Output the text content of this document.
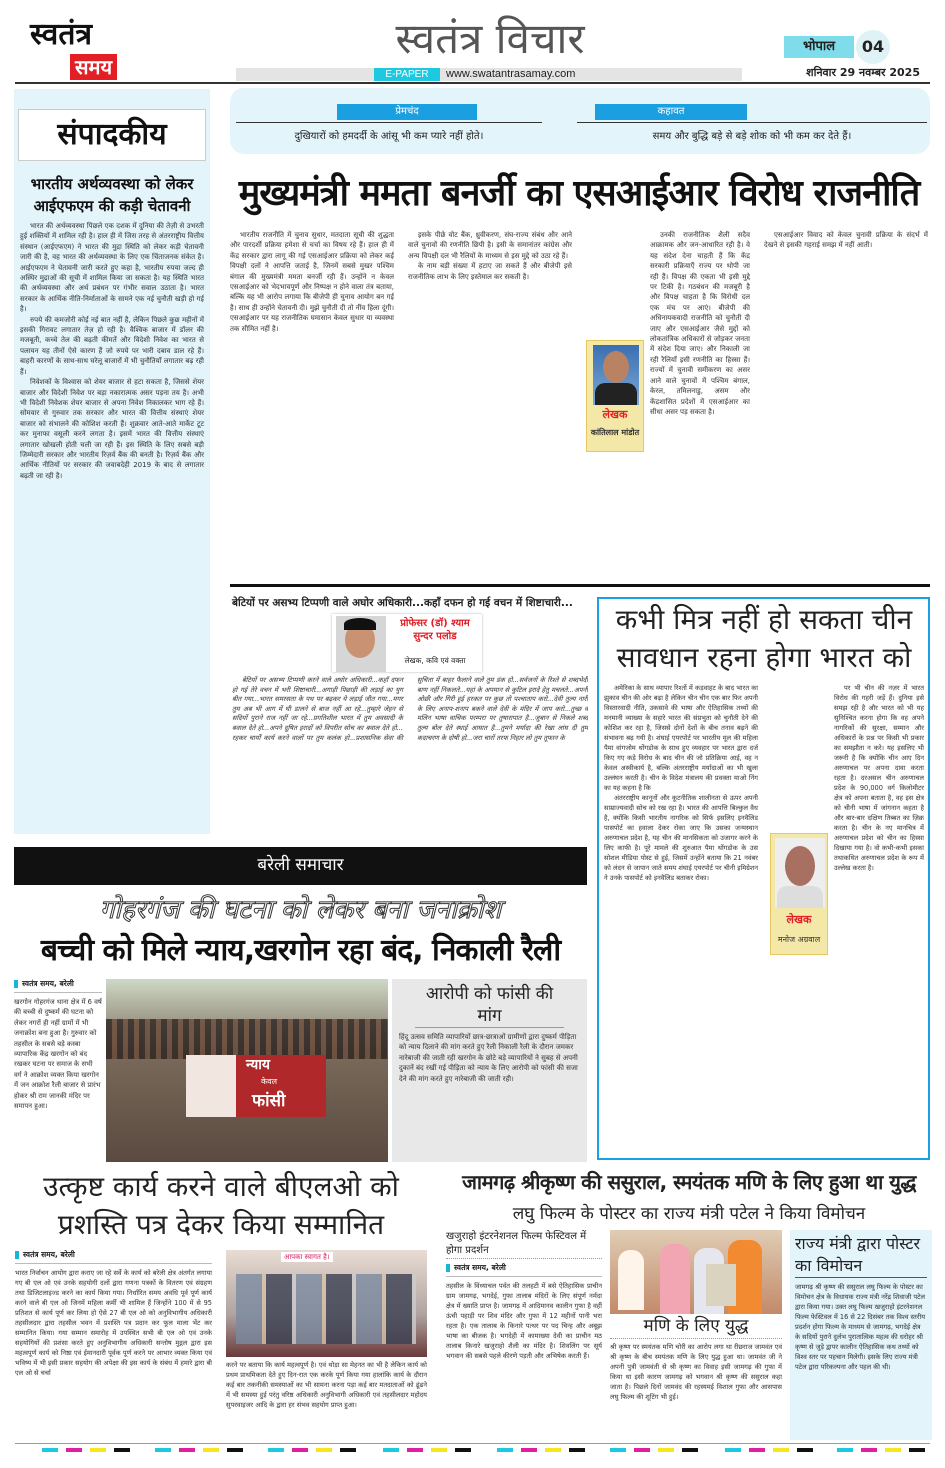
स्वतंत्र
समय
स्वतंत्र विचार
E-PAPER	www.swatantrasamay.com
भोपाल	04
शनिवार 29 नवम्बर 2025
संपादकीय
भारतीय अर्थव्यवस्था को लेकर आईएफएम की कड़ी चेतावनी

भारत की अर्थव्यवस्था पिछले एक दशक में दुनिया की तेज़ी से उभरती हुई शक्तियों में शामिल रही है। हाल ही में जिस तरह से अंतरराष्ट्रीय वित्तीय संस्थान (आईएफएम) ने भारत की मुद्रा स्थिति को लेकर कड़ी चेतावनी जारी की है, वह भारत की अर्थव्यवस्था के लिए एक चिंताजनक संकेत है। आईएफएम ने चेतावनी जारी करते हुए कहा है, भारतीय रुपया जल्द ही अस्थिर मुद्राओं की सूची में शामिल किया जा सकता है। यह स्थिति भारत की अर्थव्यवस्था और अर्थ प्रबंधन पर गंभीर सवाल उठाता है। भारत सरकार के आर्थिक नीति-निर्माताओं के सामने एक नई चुनौती खड़ी हो गई है।

रुपये की कमजोरी कोई नई बात नहीं है, लेकिन पिछले कुछ महीनों में इसकी गिरावट लगातार तेज़ हो रही है। वैश्विक बाजार में डॉलर की मजबूती, कच्चे तेल की बढ़ती कीमतें और विदेशी निवेश का भारत से पलायन यह तीनों ऐसे कारण हैं जो रुपये पर भारी दबाव डाल रहे हैं। बाहरी कारणों के साथ-साथ घरेलू बाजारों में भी चुनौतियाँ लगातार बढ़ रही हैं।

निवेशकों के विश्वास को शेयर बाजार से हटा सकता है, जिससे शेयर बाजार और विदेशी निवेश पर बड़ा नकारात्मक असर पड़ना तय है। अभी भी विदेशी निवेशक शेयर बाजार से अपना निवेश निकालकर भाग रहे हैं। सोमवार से गुरुवार तक सरकार और भारत की वित्तीय संस्थाएं शेयर बाजार को संभालने की कोशिश करती हैं। शुक्रवार आते-आते मार्केट टूट कर मुनाफा वसूली करने लगता है। इसमें भारत की वित्तीय संस्थाएं लगातार खोखली होती चली जा रही हैं। इस स्थिति के लिए सबसे बड़ी जिम्मेदारी सरकार और भारतीय रिज़र्व बैंक की बनती है। रिज़र्व बैंक और आर्थिक नीतियों पर सरकार की जवाबदेही 2019 के बाद से लगातार बढ़ती जा रही है।

प्रेमचंद
दुखियारों को हमदर्दी के आंसू भी कम प्यारे नहीं होते।
कहावत
समय और बुद्धि बड़े से बड़े शोक को भी कम कर देते हैं।
मुख्यमंत्री ममता बनर्जी का एसआईआर विरोध राजनीति

भारतीय राजनीति में चुनाव सुधार, मतदाता सूची की शुद्धता और पारदर्शी प्रक्रिया हमेशा से चर्चा का विषय रहे हैं। हाल ही में केंद्र सरकार द्वारा लागू की गई एसआईआर प्रक्रिया को लेकर कई विपक्षी दलों ने आपत्ति जताई है, जिनमें सबसे मुखर पश्चिम बंगाल की मुख्यमंत्री ममता बनर्जी रही हैं। उन्होंने न केवल एसआईआर को भेदभावपूर्ण और निष्पक्ष न होने वाला तंत्र बताया, बल्कि यह भी आरोप लगाया कि बीजेपी ही चुनाव आयोग बन गई है। साथ ही उन्होंने चेतावनी दी। मुझे चुनौती दी तो नींव हिला दूंगी। एसआईआर पर यह राजनीतिक घमासान केवल सुधार या व्यवस्था तक सीमित नहीं है।

इसके पीछे वोट बैंक, ध्रुवीकरण, संघ-राज्य संबंध और आने वाले चुनावों की रणनीति छिपी है। इसी के समानांतर कांग्रेस और अन्य विपक्षी दल भी रैलियों के माध्यम से इस मुद्दे को उठा रहे हैं।

के नाम बड़ी संख्या में हटाए जा सकते हैं और बीजेपी इसे राजनीतिक लाभ के लिए इस्तेमाल कर सकती है।

लेखक
कांतिलाल मांडोत

उनकी राजनीतिक शैली सदैव आक्रामक और जन-आधारित रही है। वे यह संदेश देना चाहती हैं कि केंद्र सरकारी प्रक्रियाएँ राज्य पर थोपी जा रही हैं। विपक्ष की एकता भी इसी मुद्दे पर टिकी है। गठबंधन की मजबूरी है और विपक्ष चाहता है कि विरोधी दल एक मंच पर आएं। बीजेपी की अधिनायकवादी राजनीति को चुनौती दी जाए और एसआईआर जैसे मुद्दों को लोकतांत्रिक अधिकारों से जोड़कर जनता में संदेश दिया जाए। और निकाली जा रही रैलियाँ इसी रणनीति का हिस्सा हैं। राज्यों में चुनावी समीकरण का असर आने वाले चुनावों में पश्चिम बंगाल, केरल, तमिलनाडु, असम और केंद्रशासित प्रदेशों में एसआईआर का सीधा असर पड़ सकता है।

एसआईआर विवाद को केवल चुनावी प्रक्रिया के संदर्भ में देखने से इसकी गहराई समझ में नहीं आती।

बेटियों पर असभ्य टिप्पणी वाले अघोर अधिकारी...कहाँ दफन हो गई वचन में शिष्टाचारी...
प्रोफेसर (डॉ) श्याम सुन्दर पलोड
लेखक, कवि एवं वक्ता

बेटियों पर असभ्य टिप्पणी करने वाले अघोर अधिकारी...कहाँ दफन हो गई तेरे वचन में भरी शिष्टाचारी...अगाड़ी पिछाड़ी की लड़ाई का युग बीत गया...भारत समरसता के पथ पर बढ़कर ये लड़ाई जीत गया...मगर तुम अब भी आग में घी डालने से बाज नहीं आ रहे...तुम्हारे जेहन से सदियों पुराने राज नहीं जा रहे...प्रगतिशील भारत में तुम अवसादी के बवाल देते हो...अपने दूषित इरादों को विपरीत सोच का बवाल देते हो... रहकर चार्यों कार्य करने वालों पर तुम कलंक हो...प्रशासनिक सेवा की सुचिता में बाहर फैलाने वाले तुम डंक हो...सर्वजनों के रिश्ते से शब्दभेदी बाण नहीं निकलते...यहां के अपमान से कुटिल इरादे हेतु मचलते...अपनी ओछी और गिरी हुई हरकत पर कुछ तो पश्चाताप करो...देवी तुल्य नारी के लिए अनाप-शनाप बकने वाले देवी के मंदिर में जाप करो...तुच्छ व मलिन भाषा वाचिक परम्परा पर तुषारापात है...जुबान से निकले शब्द तुल्य बोल देते स्थाई आघात है...तुमने मर्यादा की रेखा लांघ दी तुम कदाचरण के दोषी हो...जरा चारों तरफ निहार लो तुम तूफान के

कभी मित्र नहीं हो सकता चीन सावधान रहना होगा भारत को

अमेरिका के साथ व्यापार रिश्तों में कड़वाहट के बाद भारत का झुकाव चीन की ओर बढ़ा है लेकिन चीन चीन एक बार फिर अपनी विस्तारवादी नीति, उकसावे की भाषा और ऐतिहासिक तथ्यों की मनमानी व्याख्या के सहारे भारत की संप्रभुता को चुनौती देने की कोशिश कर रहा है, जिससे दोनों देशों के बीच तनाव बढ़ने की संभावना बढ़ गयी है। शंघाई एयरपोर्ट पर भारतीय मूल की महिला पैमा वांगजोम थोंगडोक के साथ हुए व्यवहार पर भारत द्वारा दर्ज किए गए कड़े विरोध के बाद चीन की जो प्रतिक्रिया आई, वह न केवल अस्वीकार्य है, बल्कि अंतरराष्ट्रीय मर्यादाओं का भी खुला उल्लंघन करती है। चीन के विदेश मंत्रालय की प्रवक्ता माओ निंग का यह कहना है कि

अंतरराष्ट्रीय कानूनों और कूटनीतिक शालीनता से ऊपर अपनी साम्राज्यवादी सोच को रख रहा है। भारत की आपत्ति बिल्कुल वैध है, क्योंकि किसी भारतीय नागरिक को सिर्फ इसलिए इनवैलिड पासपोर्ट का हवाला देकर रोका जाए कि उसका जन्मस्थान अरुणाचल प्रदेश है, यह चीन की मानसिकता को उजागर करने के लिए काफी है। पूरे मामले की शुरुआत पैमा थोंगडोक के उस सोशल मीडिया पोस्ट से हुई, जिसमें उन्होंने बताया कि 21 नवंबर को लंदन से जापान जाते समय शंघाई एयरपोर्ट पर चीनी इमिग्रेशन ने उनके पासपोर्ट को इनवैलिड बताकर रोका।

लेखक
मनोज अग्रवाल

पर भी चीन की नज़र में भारत विरोध की गहरी जड़ें हैं। दुनिया इसे समझ रही है और भारत को भी यह सुनिश्चित करना होगा कि वह अपने नागरिकों की सुरक्षा, सम्मान और अधिकारों के प्रश्न पर किसी भी प्रकार का समझौता न करे। यह इसलिए भी जरूरी है कि क्योंकि चीन आए दिन अरुणाचल पर अपना दावा करता रहता है। दरअसल चीन अरुणाचल प्रदेश के 90,000 वर्ग किलोमीटर क्षेत्र को अपना बताता है, वह इस क्षेत्र को चीनी भाषा में जांगनान कहता है और बार-बार दक्षिण तिब्बत का ज़िक्र करता है। चीन के नए मानचित्र में अरुणाचल प्रदेश को चीन का हिस्सा दिखाया गया है। वो कभी-कभी इसका तथाकथित अरुणाचल प्रदेश के रूप में उल्लेख करता है।

बरेली समाचार
गोहरगंज की घटना को लेकर बना जनाक्रोश
बच्ची को मिले न्याय,खरगोन रहा बंद, निकाली रैली
स्वतंत्र समय, बरेली
खरगोन गोहरगंज थाना क्षेत्र में 6 वर्ष की बच्ची से दुष्कर्म की घटना को लेकर नगरों ही नहीं ग्रामों में भी जनाक्रोश बना हुआ है। गुरुवार को तहसील के सबसे बड़े कस्बा व्यापारिक केंद्र खरगोन को बंद रखकर घटना पर समाज के सभी वर्ग ने आक्रोश व्यक्त किया खरगोन में जन आक्रोश रैली बाजार से प्रारंभ होकर श्री राम जानकी मंदिर पर समापन हुआ।
न्याय
केवल
फांसी
आरोपी को फांसी की मांग
हिंदू उत्सव समिति व्यापारियों छात्र-छात्राओं ग्रामीणों द्वारा दुष्कर्म पीड़िता को न्याय दिलाने की मांग करते हुए रैली निकाली रैली के दौरान जमकर नारेबाजी की जाती रही खरगोन के छोटे बड़े व्यापारियों ने सुबह से अपनी दुकानें बंद रखीं गई पीड़िता को न्याय के लिए आरोपी को फांसी की सजा देने की मांग करते हुए नारेबाजी की जाती रही।
उत्कृष्ट कार्य करने वाले बीएलओ को प्रशस्ति पत्र देकर किया सम्मानित
स्वतंत्र समय, बरेली
भारत निर्वाचन आयोग द्वारा कराए जा रहे सर्वे के कार्य को बरेली क्षेत्र अंतर्गत लगाया गए बी एल ओ एवं उनके सहयोगी दलों द्वारा गणना पत्रकों के वितरण एवं संग्रहण तथा डिजिटलाइज्ड करने का कार्य किया गया। निर्धारित समय अवधि पूर्व पूर्ण कार्य करने वाले बी एल ओ जिनमें महिला कर्मी भी शामिल हैं जिन्होंने 100 में से 95 प्रतिशत से कार्य पूर्ण कर लिया हो ऐसे 27 बी एल ओ को अनुविभागीय अधिकारी तहसीलदार द्वारा तहसील भवन में प्रशस्ति पत्र प्रदान कर फूल माला भेंट कर सम्मानित किया। गया सम्मान समारोह में उपस्थित सभी बी एल ओ एवं उनके सहयोगियों की प्रशंसा करते हुए अनुविभागीय अधिकारी सन्तोष मुद्गल द्वारा इस महत्वपूर्ण कार्य को निष्ठा एवं ईमानदारी पूर्वक पूर्ण करने पर आभार व्यक्त किया एवं भविष्य में भी इसी प्रकार सहयोग की अपेक्षा की इस कार्य के संबंध में हमारे द्वारा बी एल ओ से चर्चा
आपका स्वागत है।
करने पर बताया कि कार्य महत्वपूर्ण है। एवं थोड़ा सा मेहनत का भी है लेकिन कार्य को प्रथम प्राथमिकता देते हुए दिन-रात एक करके पूर्ण किया गया हालांकि कार्य के दौरान कई बार तकनीकी समस्याओं का भी सामना करना पड़ा कई बार मतदाताओं को ढूंढने में भी समस्या हुई परंतु वरिष्ठ अधिकारी अनुविभागी अधिकारी एवं तहसीलदार महोदय सुपरवाइजर आदि के द्वारा हर संभव सहयोग प्राप्त हुआ।
जामगढ़ श्रीकृष्ण की ससुराल, स्मयंतक मणि के लिए हुआ था युद्ध
लघु फिल्म के पोस्टर का राज्य मंत्री पटेल ने किया विमोचन
खजुराहो इंटरनेशनल फिल्म फेस्टिवल में होगा प्रदर्शन
स्वतंत्र समय, बरेली
तहसील के विंध्याचल पर्वत की तलहटी में बसे ऐतिहासिक प्राचीन ग्राम जामगढ़, भगदेई, गुफा तालाब मंदिरों के लिए संपूर्ण नर्मदा क्षेत्र में ख्याति प्राप्त है। जामगढ़ में आदिमानव कालीन गुफा है वहीं ऊंची पहाड़ी पर शिव मंदिर और गुफा में 12 महीनों पानी भरा रहता है। एक तालाब के किनारे पत्थर पर पद चिन्ह और अबूझ भाषा का बीजक है। भगदेही में कामाख्या देवी का प्राचीन मठ तालाब किनारे खजुराहो शैली का मंदिर है। शिवलिंग पर सूर्य भगवान की सबसे पहले कीरणे पड़ती और अभिषेक करती हैं।
मणि के लिए युद्ध
श्री कृष्ण पर स्मयंतक मणि चोरी का आरोप लगा था रीछराज जामवंत एवं श्री कृष्ण के बीच स्मयंतक मणि के लिए युद्ध हुआ था। जामवंत जी ने अपनी पुत्री जामवंती से श्री कृष्ण का विवाह इसी जामगढ़ की गुफा में किया था इसी कारण जामगढ़ को भगवान श्री कृष्ण की ससुराल कहा जाता है। पिछले दिनों जामवंद की रहस्यमई विशाल गुफा और आसपास लघु फिल्म की शूटिंग भी हुई।
राज्य मंत्री द्वारा पोस्टर का विमोचन
जामगढ़ श्री कृष्ण की ससुराल लघु फिल्म के पोस्टर का विमोचन क्षेत्र के विधायक राज्य मंत्री नरेंद्र शिवाजी पटेल द्वारा किया गया। उक्त लघु फिल्म खजुराहो इंटरनेशनल फिल्म फेस्टिवल में 16 से 22 दिसंबर तक विश्व स्तरीय प्रदर्शन होगा फिल्म के माध्यम से जामगढ़, भगदेई क्षेत्र के सदियों पुराने दुर्लभ पुरातात्विक महत्व की धरोहर श्री कृष्ण से जुड़े द्वापर कालीन ऐतिहासिक कथ तथ्यों को विश्व स्तर पर पहचान मिलेगी। इसके लिए राज्य मंत्री पटेल द्वारा परिकल्पना और पहल की थी।
